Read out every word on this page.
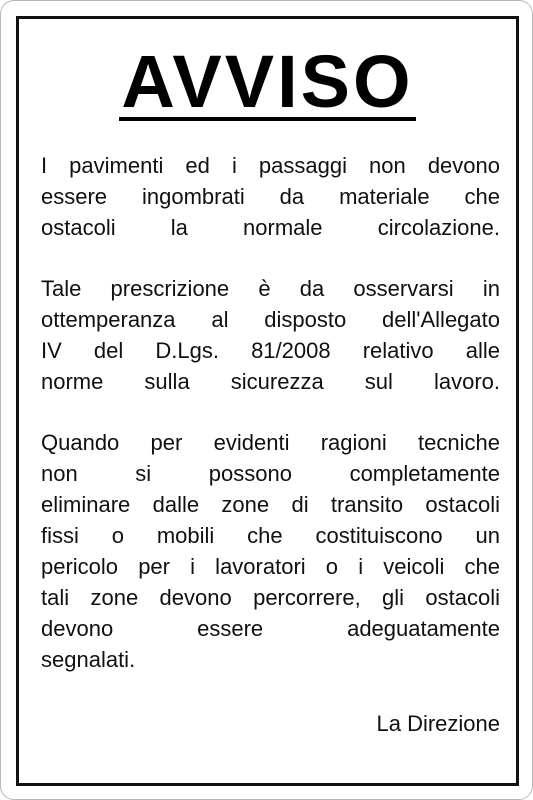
AVVISO
I pavimenti ed i passaggi non devono
essere ingombrati da materiale che
ostacoli la normale circolazione.
Tale prescrizione è da osservarsi in
ottemperanza al disposto dell'Allegato
IV del D.Lgs. 81/2008 relativo alle
norme sulla sicurezza sul lavoro.
Quando per evidenti ragioni tecniche
non si possono completamente
eliminare dalle zone di transito ostacoli
fissi o mobili che costituiscono un
pericolo per i lavoratori o i veicoli che
tali zone devono percorrere, gli ostacoli
devono essere adeguatamente
segnalati.
La Direzione
